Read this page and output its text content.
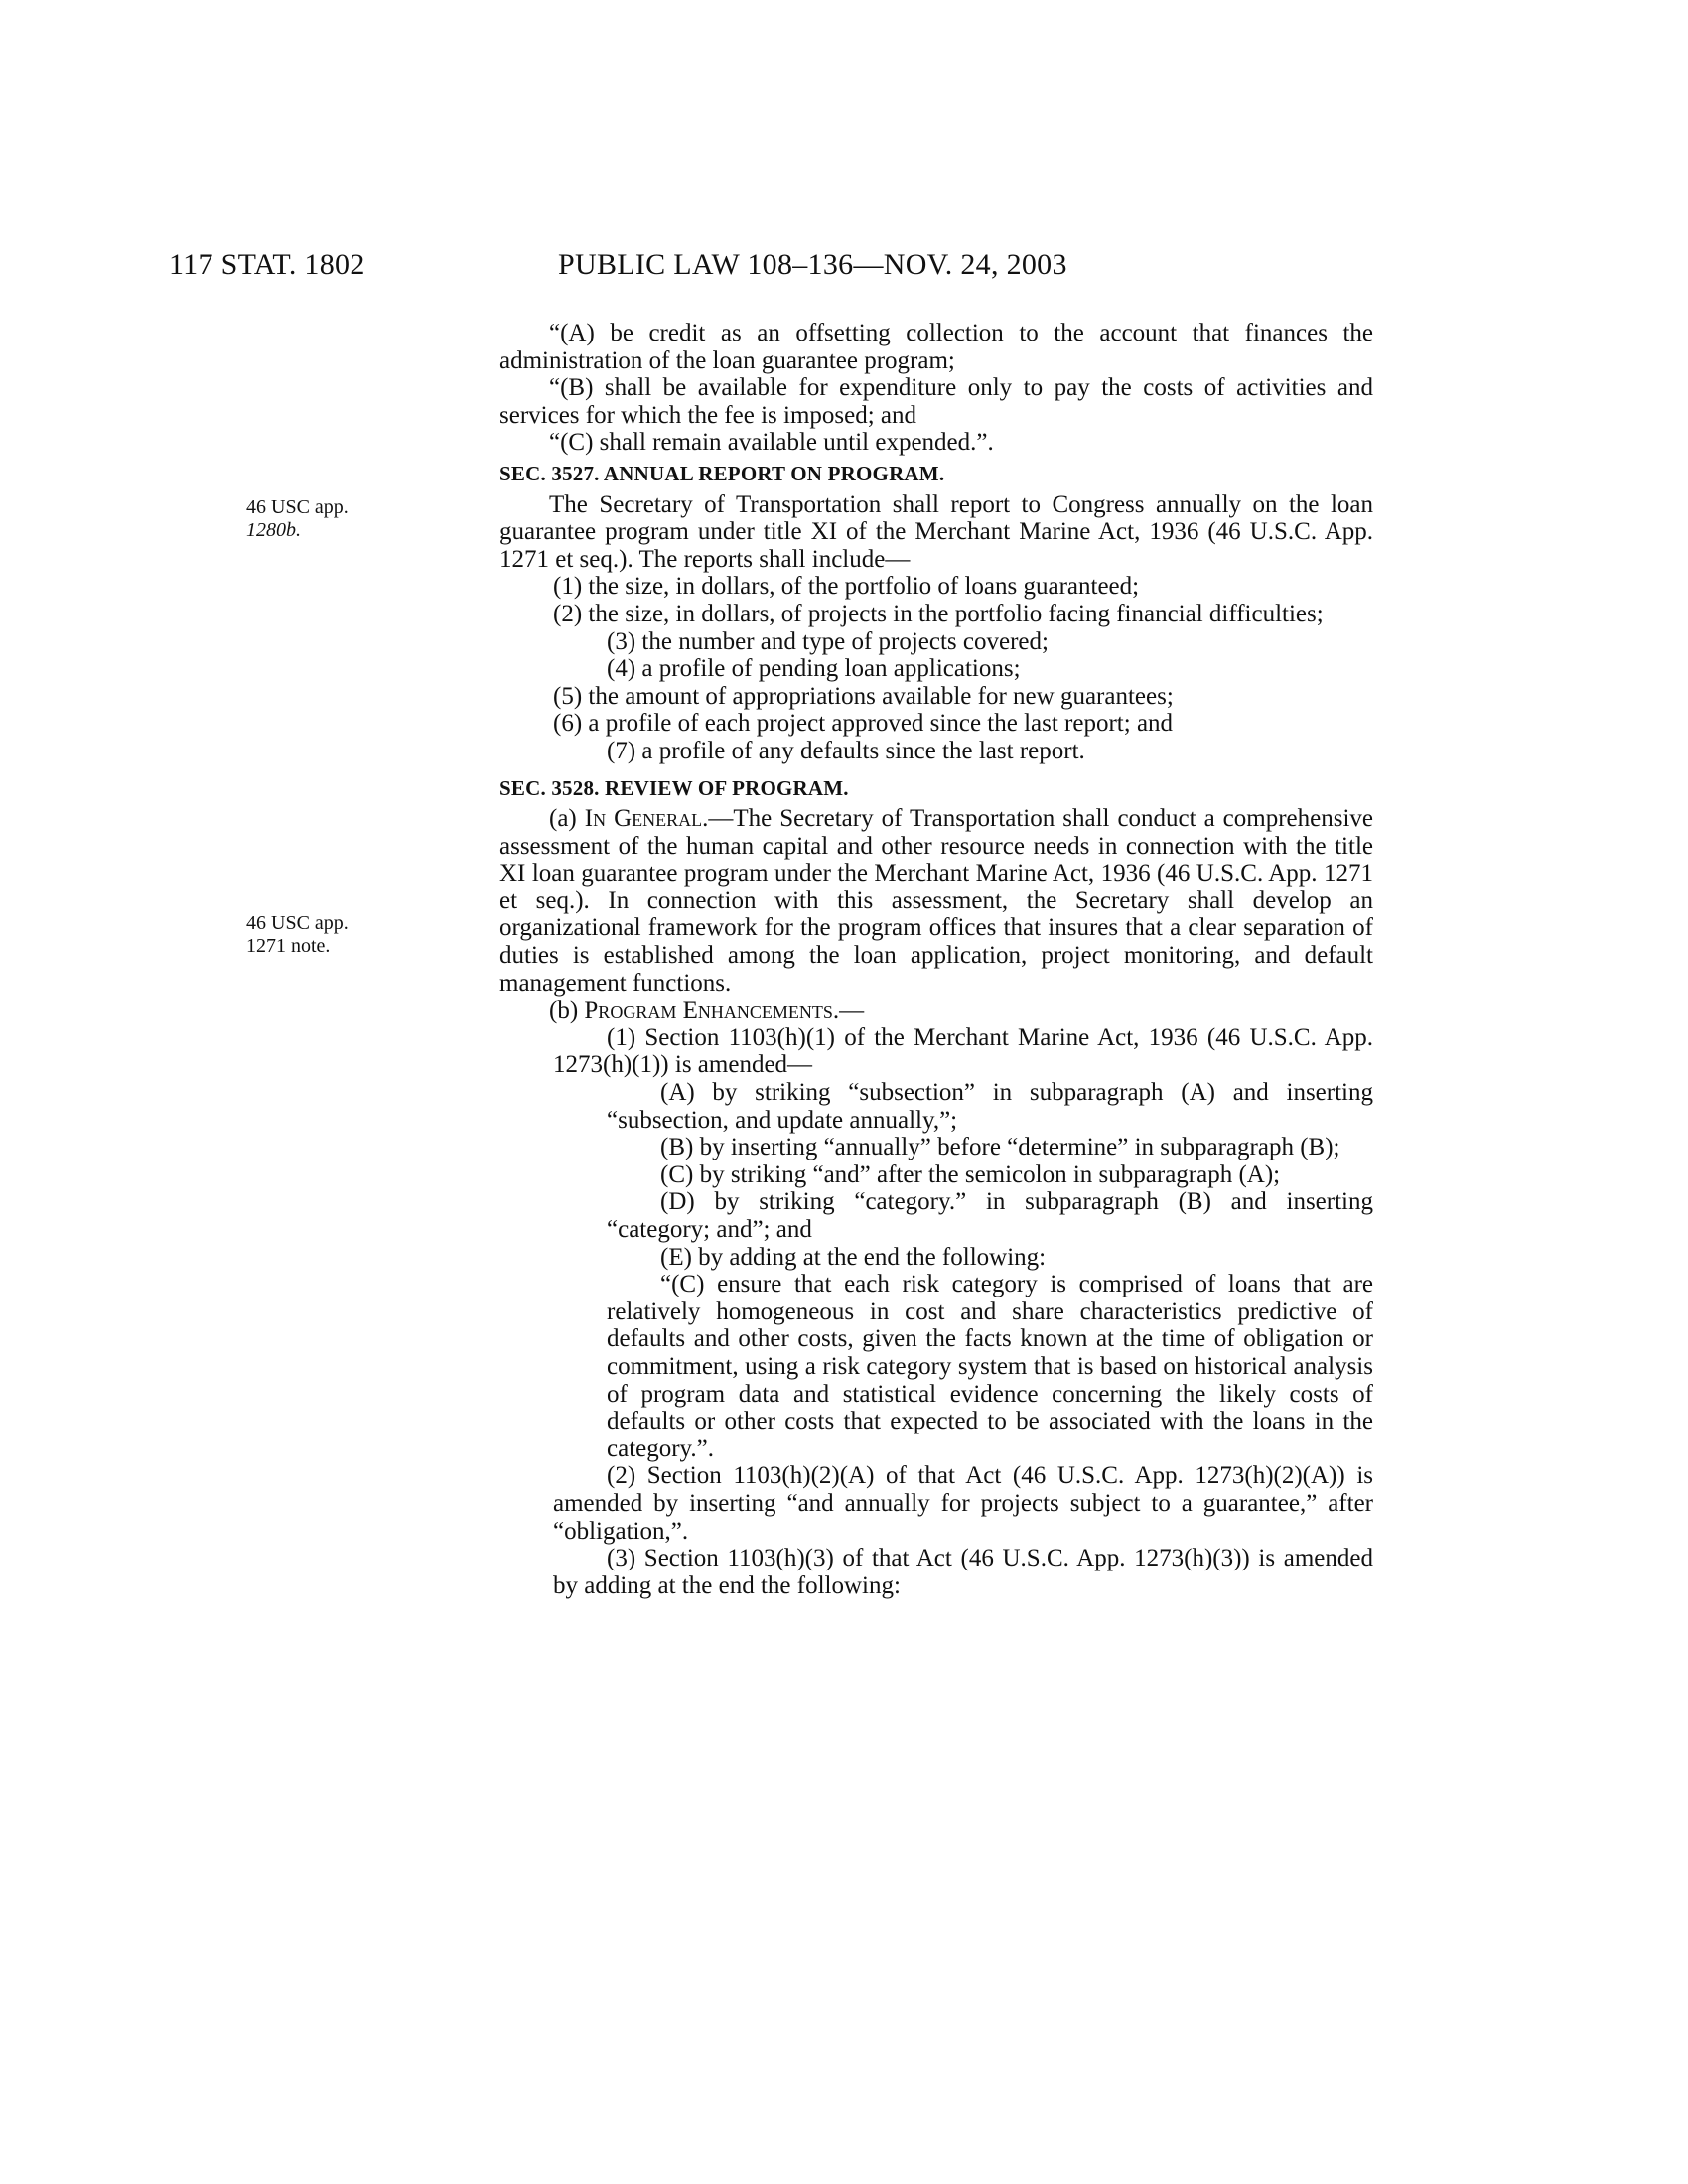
117 STAT. 1802	PUBLIC LAW 108–136—NOV. 24, 2003
46 USC app.
1280b.
46 USC app.
1271 note.

“(A) be credit as an offsetting collection to the account that finances the administration of the loan guarantee program;

“(B) shall be available for expenditure only to pay the costs of activities and services for which the fee is imposed; and

“(C) shall remain available until expended.”.

SEC. 3527. ANNUAL REPORT ON PROGRAM.

The Secretary of Transportation shall report to Congress annually on the loan guarantee program under title XI of the Merchant Marine Act, 1936 (46 U.S.C. App. 1271 et seq.). The reports shall include—

(1) the size, in dollars, of the portfolio of loans guaranteed;

(2) the size, in dollars, of projects in the portfolio facing financial difficulties;

(3) the number and type of projects covered;

(4) a profile of pending loan applications;

(5) the amount of appropriations available for new guarantees;

(6) a profile of each project approved since the last report; and

(7) a profile of any defaults since the last report.

SEC. 3528. REVIEW OF PROGRAM.

(a) In General.—The Secretary of Transportation shall conduct a comprehensive assessment of the human capital and other resource needs in connection with the title XI loan guarantee program under the Merchant Marine Act, 1936 (46 U.S.C. App. 1271 et seq.). In connection with this assessment, the Secretary shall develop an organizational framework for the program offices that insures that a clear separation of duties is established among the loan application, project monitoring, and default management functions.

(b) Program Enhancements.—

(1) Section 1103(h)(1) of the Merchant Marine Act, 1936 (46 U.S.C. App. 1273(h)(1)) is amended—

(A) by striking “subsection” in subparagraph (A) and inserting “subsection, and update annually,”;

(B) by inserting “annually” before “determine” in subparagraph (B);

(C) by striking “and” after the semicolon in subparagraph (A);

(D) by striking “category.” in subparagraph (B) and inserting “category; and”; and

(E) by adding at the end the following:

“(C) ensure that each risk category is comprised of loans that are relatively homogeneous in cost and share characteristics predictive of defaults and other costs, given the facts known at the time of obligation or commitment, using a risk category system that is based on historical analysis of program data and statistical evidence concerning the likely costs of defaults or other costs that expected to be associated with the loans in the category.”.

(2) Section 1103(h)(2)(A) of that Act (46 U.S.C. App. 1273(h)(2)(A)) is amended by inserting “and annually for projects subject to a guarantee,” after “obligation,”.

(3) Section 1103(h)(3) of that Act (46 U.S.C. App. 1273(h)(3)) is amended by adding at the end the following:
